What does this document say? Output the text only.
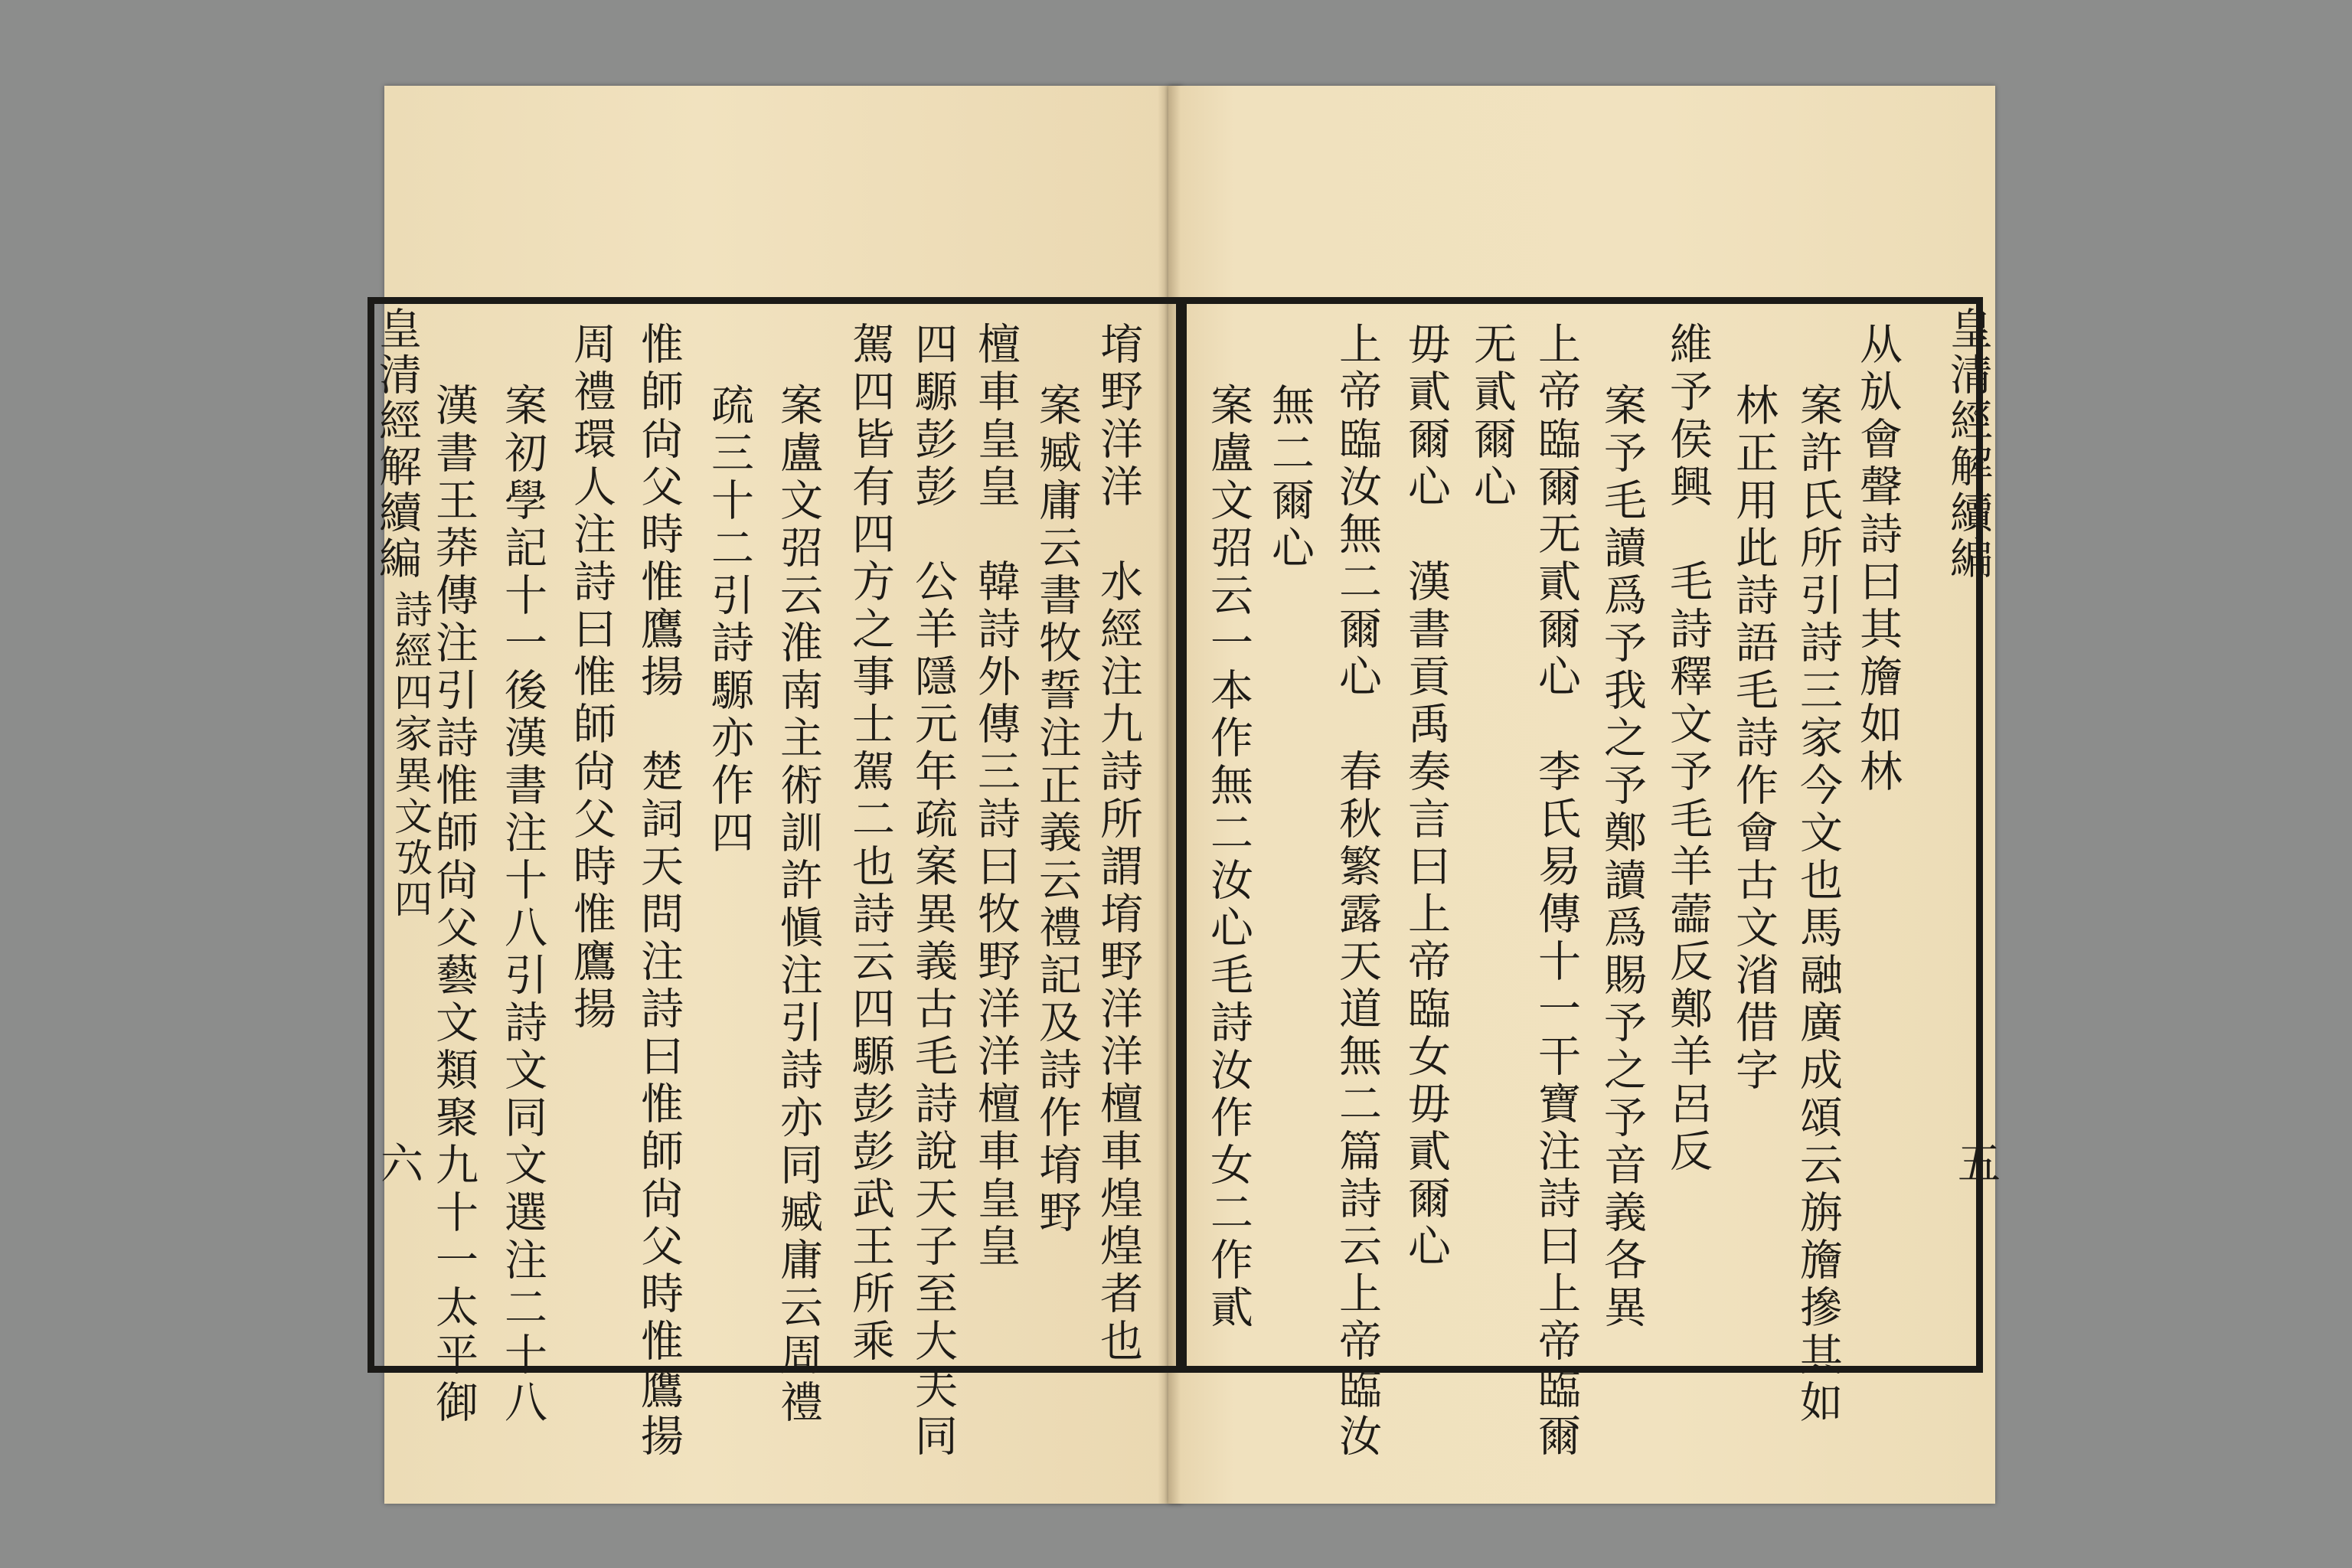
皇清經解續編
詩經四家異文攷四
六	堉野洋洋　水經注九詩所謂堉野洋洋檀車煌煌者也
案臧庸云書牧誓注正義云禮記及詩作堉野
檀車皇皇　韓詩外傳三詩曰牧野洋洋檀車皇皇
四騵彭彭　公羊隱元年疏案異義古毛詩說天子至大夫同
駕四皆有四方之事士駕二也詩云四騵彭彭武王所乘
案盧文弨云淮南主術訓許愼注引詩亦同臧庸云周禮
疏三十二引詩騵亦作四
惟師尙父時惟鷹揚　楚詞天問注詩曰惟師尙父時惟鷹揚
周禮環人注詩曰惟師尙父時惟鷹揚
案初學記十一後漢書注十八引詩文同文選注二十八
漢書王莽傳注引詩惟師尙父藝文類聚九十一太平御	皇清經解續編
五
从㫃會聲詩曰其旝如林
案許氏所引詩三家今文也馬融廣成頌云旃旝摻其如
林正用此詩語毛詩作會古文渻借字
維予侯興　毛詩釋文予毛羊蘦反鄭羊呂反
案予毛讀爲予我之予鄭讀爲賜予之予音義各異
上帝臨爾无貳爾心　李氏易傳十一干寶注詩曰上帝臨爾
无貳爾心
毋貳爾心　漢書貢禹奏言曰上帝臨女毋貳爾心
上帝臨汝無二爾心　春秋繁露天道無二篇詩云上帝臨汝
無二爾心
案盧文弨云一本作無二汝心毛詩汝作女二作貳
